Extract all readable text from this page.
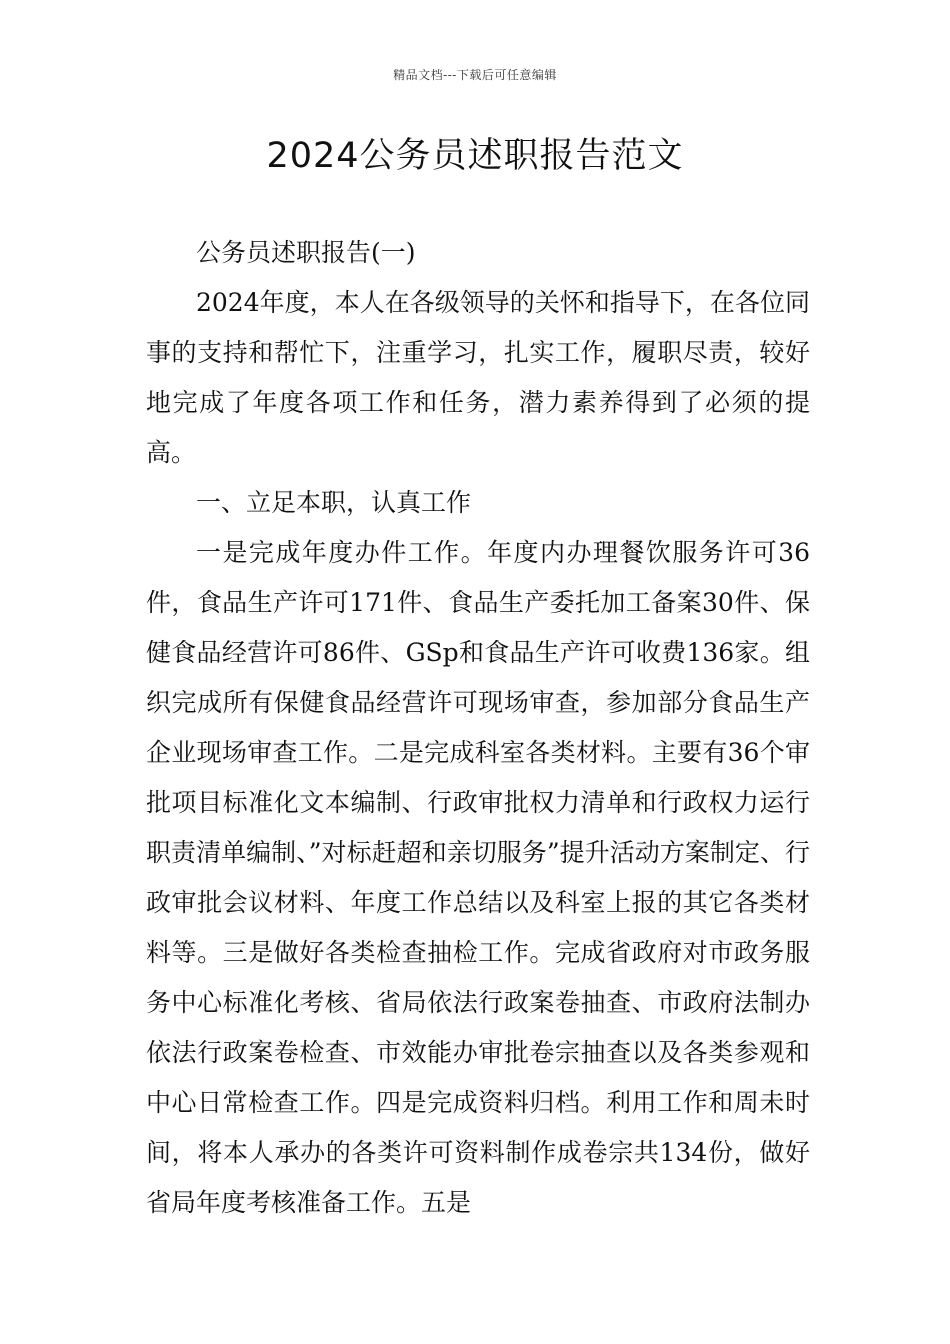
精品文档---下载后可任意编辑
2024公务员述职报告范文

公务员述职报告(一)

2024年度，本人在各级领导的关怀和指导下，在各位同事的支持和帮忙下，注重学习，扎实工作，履职尽责，较好地完成了年度各项工作和任务，潜力素养得到了必须的提高。

一、立足本职，认真工作

一是完成年度办件工作。年度内办理餐饮服务许可36件，食品生产许可171件、食品生产委托加工备案30件、保健食品经营许可86件、GSp和食品生产许可收费136家。组织完成所有保健食品经营许可现场审查，参加部分食品生产企业现场审查工作。二是完成科室各类材料。主要有36个审批项目标准化文本编制、行政审批权力清单和行政权力运行职责清单编制、”对标赶超和亲切服务”提升活动方案制定、行政审批会议材料、年度工作总结以及科室上报的其它各类材料等。三是做好各类检查抽检工作。完成省政府对市政务服务中心标准化考核、省局依法行政案卷抽查、市政府法制办依法行政案卷检查、市效能办审批卷宗抽查以及各类参观和中心日常检查工作。四是完成资料归档。利用工作和周未时间，将本人承办的各类许可资料制作成卷宗共134份，做好省局年度考核准备工作。五是
